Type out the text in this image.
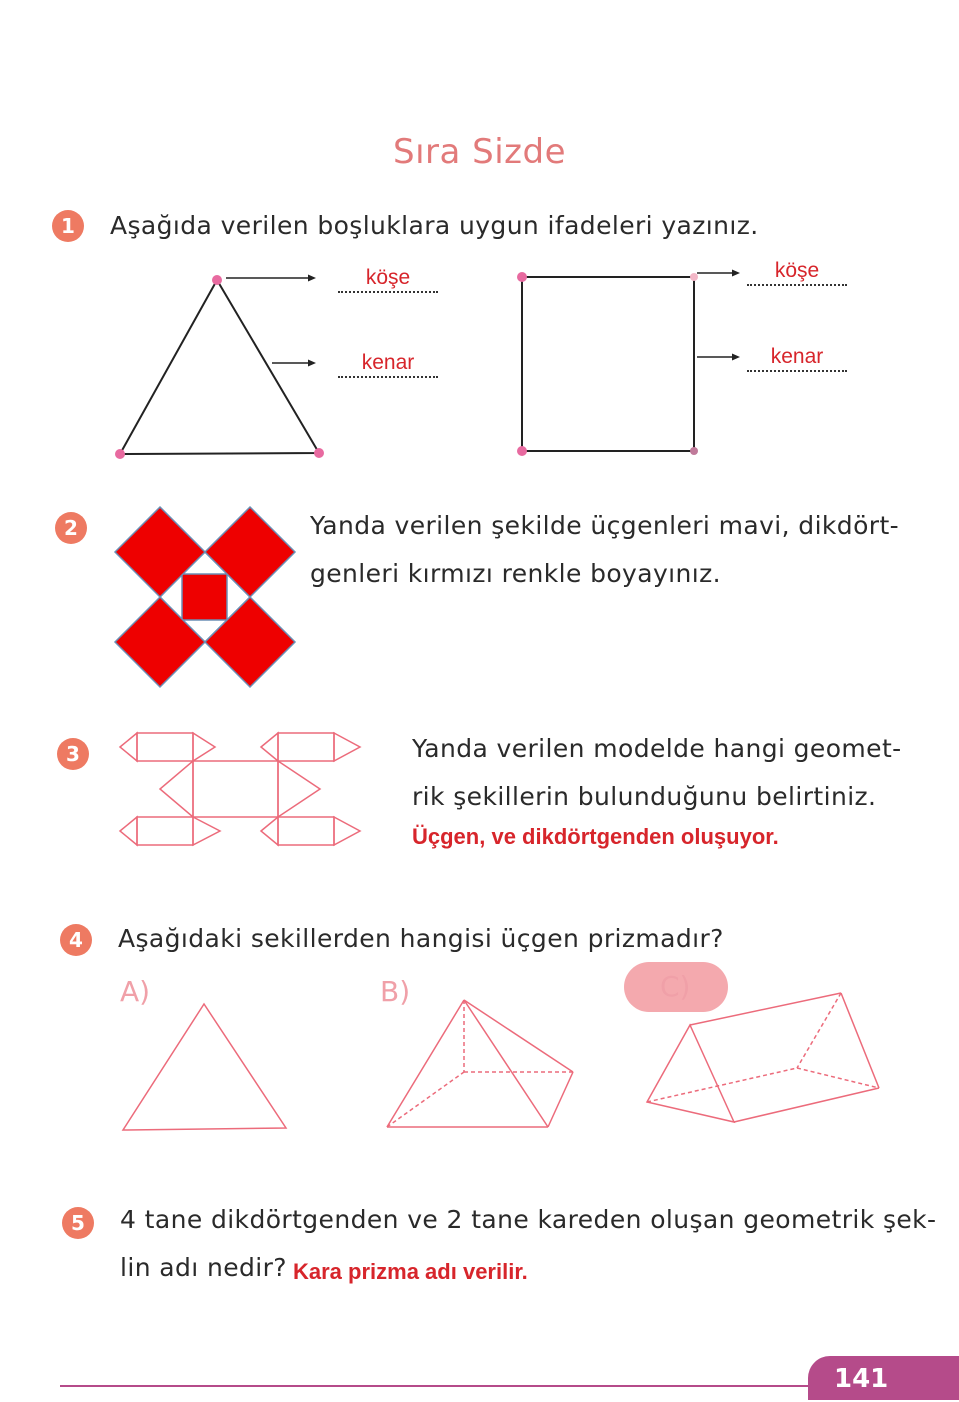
Sıra Sizde
1	Aşağıda verilen boşluklara uygun ifadeleri yazınız.
köşe
kenar
köşe
kenar
2	Yanda verilen şekilde üçgenleri mavi, dikdört-
genleri kırmızı renkle boyayınız.
3	Yanda verilen modelde hangi geomet-
rik şekillerin bulunduğunu belirtiniz.
Üçgen, ve dikdörtgenden oluşuyor.
4	Aşağıdaki sekillerden hangisi üçgen prizmadır?
A)	B)	C)
5	4 tane dikdörtgenden ve 2 tane kareden oluşan geometrik şek-
lin adı nedir? Kara prizma adı verilir.
141
